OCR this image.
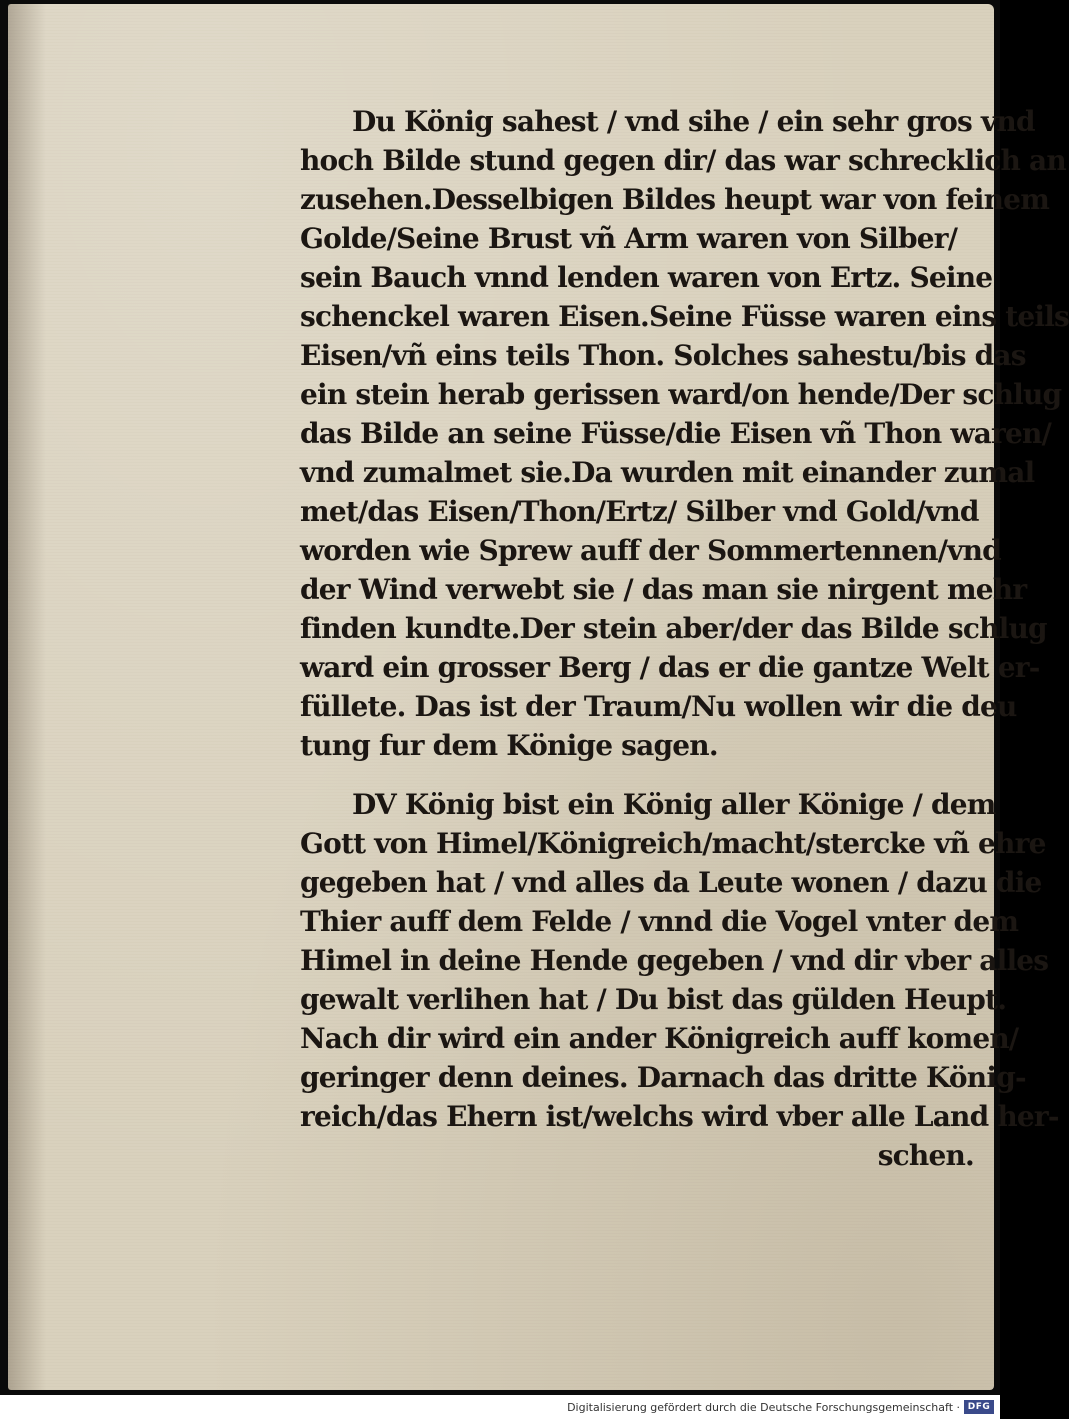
Du König sahest / vnd sihe / ein sehr gros vnd
hoch Bilde stund gegen dir/ das war schrecklich an
zusehen.Desselbigen Bildes heupt war von feinem
Golde/Seine Brust vñ Arm waren von Silber/
sein Bauch vnnd lenden waren von Ertz. Seine
schenckel waren Eisen.Seine Füsse waren eins teils
Eisen/vñ eins teils Thon. Solches sahestu/bis das
ein stein herab gerissen ward/on hende/Der schlug
das Bilde an seine Füsse/die Eisen vñ Thon waren/
vnd zumalmet sie.Da wurden mit einander zumal
met/das Eisen/Thon/Ertz/ Silber vnd Gold/vnd
worden wie Sprew auff der Sommertennen/vnd
der Wind verwebt sie / das man sie nirgent mehr
finden kundte.Der stein aber/der das Bilde schlug
ward ein grosser Berg / das er die gantze Welt er-
füllete. Das ist der Traum/Nu wollen wir die deu
tung fur dem Könige sagen.
DV König bist ein König aller Könige / dem
Gott von Himel/Königreich/macht/stercke vñ ehre
gegeben hat / vnd alles da Leute wonen / dazu die
Thier auff dem Felde / vnnd die Vogel vnter dem
Himel in deine Hende gegeben / vnd dir vber alles
gewalt verlihen hat / Du bist das gülden Heupt.
Nach dir wird ein ander Königreich auff komen/
geringer denn deines. Darnach das dritte König-
reich/das Ehern ist/welchs wird vber alle Land her-
schen.
Digitalisierung gefördert durch die Deutsche Forschungsgemeinschaft · DFG
